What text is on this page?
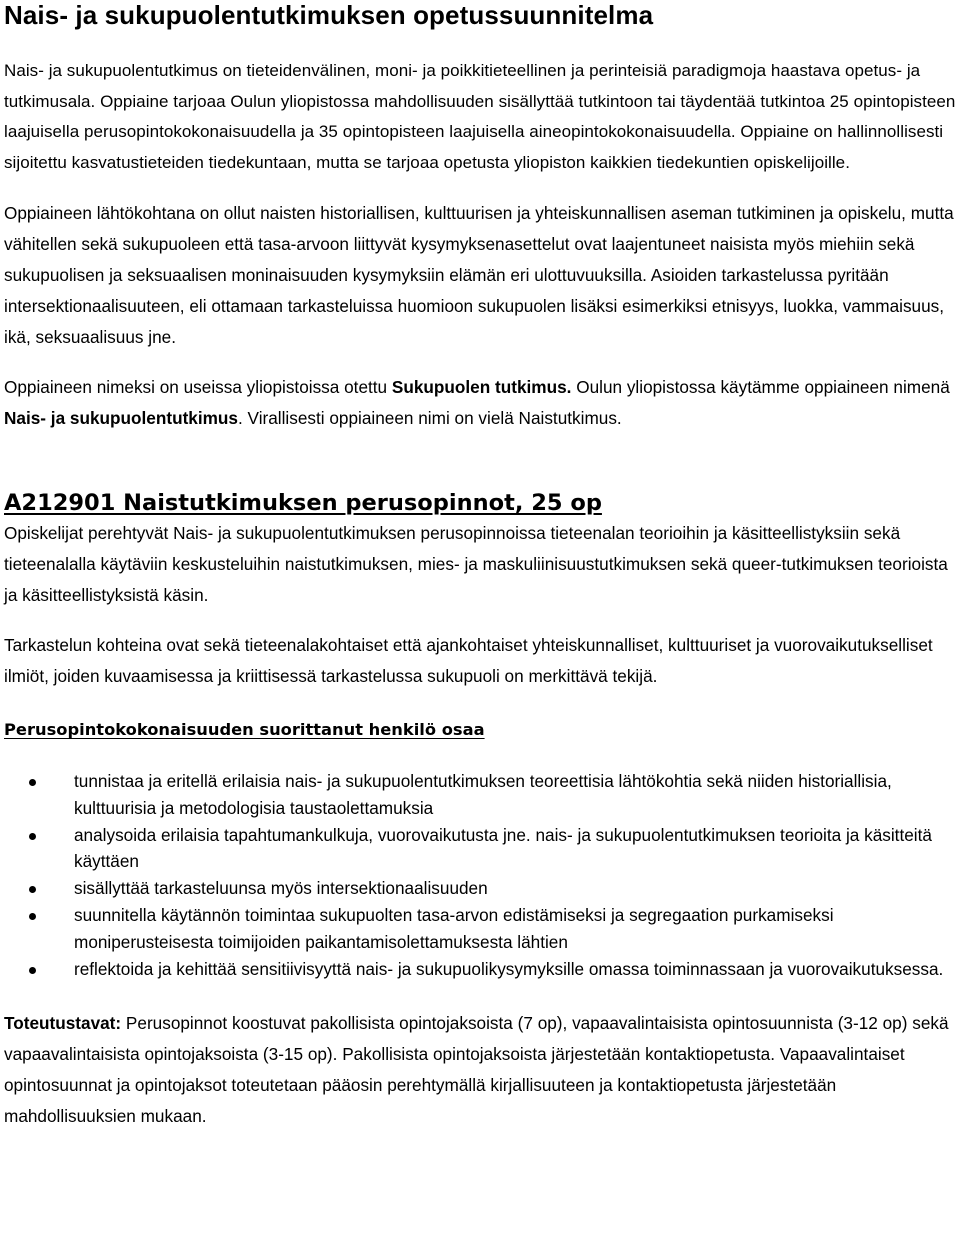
Nais- ja sukupuolentutkimuksen opetussuunnitelma

Nais- ja sukupuolentutkimus on tieteidenvälinen, moni- ja poikkitieteellinen ja perinteisiä paradigmoja haastava opetus- ja tutkimusala. Oppiaine tarjoaa Oulun yliopistossa mahdollisuuden sisällyttää tutkintoon tai täydentää tutkintoa 25 opintopisteen laajuisella perusopintokokonaisuudella ja 35 opintopisteen laajuisella aineopintokokonaisuudella. Oppiaine on hallinnollisesti sijoitettu kasvatustieteiden tiedekuntaan, mutta se tarjoaa opetusta yliopiston kaikkien tiedekuntien opiskelijoille.

Oppiaineen lähtökohtana on ollut naisten historiallisen, kulttuurisen ja yhteiskunnallisen aseman tutkiminen ja opiskelu, mutta vähitellen sekä sukupuoleen että tasa-arvoon liittyvät kysymyksenasettelut ovat laajentuneet naisista myös miehiin sekä sukupuolisen ja seksuaalisen moninaisuuden kysymyksiin elämän eri ulottuvuuksilla. Asioiden tarkastelussa pyritään intersektionaalisuuteen, eli ottamaan tarkasteluissa huomioon sukupuolen lisäksi esimerkiksi etnisyys, luokka, vammaisuus, ikä, seksuaalisuus jne.

Oppiaineen nimeksi on useissa yliopistoissa otettu Sukupuolen tutkimus. Oulun yliopistossa käytämme oppiaineen nimenä Nais- ja sukupuolentutkimus. Virallisesti oppiaineen nimi on vielä Naistutkimus.

A212901 Naistutkimuksen perusopinnot, 25 op

Opiskelijat perehtyvät Nais- ja sukupuolentutkimuksen perusopinnoissa tieteenalan teorioihin ja käsitteellistyksiin sekä tieteenalalla käytäviin keskusteluihin naistutkimuksen, mies- ja maskuliinisuustutkimuksen sekä queer-tutkimuksen teorioista ja käsitteellistyksistä käsin.

Tarkastelun kohteina ovat sekä tieteenalakohtaiset että ajankohtaiset yhteiskunnalliset, kulttuuriset ja vuorovaikutukselliset ilmiöt, joiden kuvaamisessa ja kriittisessä tarkastelussa sukupuoli on merkittävä tekijä.

Perusopintokokonaisuuden suorittanut henkilö osaa
tunnistaa ja eritellä erilaisia nais- ja sukupuolentutkimuksen teoreettisia lähtökohtia sekä niiden historiallisia, kulttuurisia ja metodologisia taustaolettamuksia
analysoida erilaisia tapahtumankulkuja, vuorovaikutusta jne. nais- ja sukupuolentutkimuksen teorioita ja käsitteitä käyttäen
sisällyttää tarkasteluunsa myös intersektionaalisuuden
suunnitella käytännön toimintaa sukupuolten tasa-arvon edistämiseksi ja segregaation purkamiseksi moniperusteisesta toimijoiden paikantamisolettamuksesta lähtien
reflektoida ja kehittää sensitiivisyyttä nais- ja sukupuolikysymyksille omassa toiminnassaan ja vuorovaikutuksessa.

Toteutustavat: Perusopinnot koostuvat pakollisista opintojaksoista (7 op), vapaavalintaisista opintosuunnista (3-12 op) sekä vapaavalintaisista opintojaksoista (3-15 op). Pakollisista opintojaksoista järjestetään kontaktiopetusta. Vapaavalintaiset opintosuunnat ja opintojaksot toteutetaan pääosin perehtymällä kirjallisuuteen ja kontaktiopetusta järjestetään mahdollisuuksien mukaan.
